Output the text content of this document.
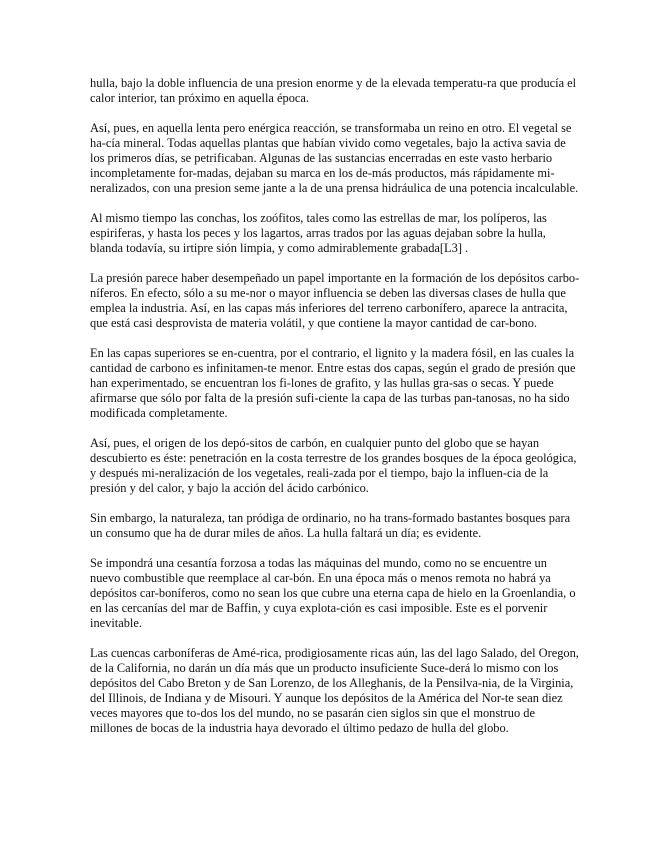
hulla, bajo la doble influencia de una presion enorme y de la elevada temperatu-ra que producía el calor interior, tan próximo en aquella época.

Así, pues, en aquella lenta pero enérgica reacción, se transformaba un reino en otro. El vegetal se ha-cía mineral. Todas aquellas plantas que habían vivido como vegetales, bajo la activa savia de los primeros días, se petrificaban. Algunas de las sustancias encerradas en este vasto herbario incompletamente for-madas, dejaban su marca en los de-más productos, más rápidamente mi-neralizados, con una presion seme jante a la de una prensa hidráulica de una potencia incalculable.

Al mismo tiempo las conchas, los zoófitos, tales como las estrellas de mar, los políperos, las espiriferas, y hasta los peces y los lagartos, arras trados por las aguas dejaban sobre la hulla, blanda todavía, su irtipre sión limpia, y como admirablemente grabada[L3] .

La presión parece haber desempeñado un papel importante en la formación de los depósitos carbo-níferos. En efecto, sólo a su me-nor o mayor influencia se deben las diversas clases de hulla que emplea la industria. Así, en las capas más inferiores del terreno carbonífero, aparece la antracita, que está casi desprovista de materia volátil, y que contiene la mayor cantidad de car-bono.

En las capas superiores se en-cuentra, por el contrario, el lignito y la madera fósil, en las cuales la cantidad de carbono es infinitamen-te menor. Entre estas dos capas, según el grado de presión que han experimentado, se encuentran los fi-lones de grafito, y las hullas gra-sas o secas. Y puede afirmarse que sólo por falta de la presión sufi-ciente la capa de las turbas pan-tanosas, no ha sido modificada completamente.

Así, pues, el origen de los depó-sitos de carbón, en cualquier punto del globo que se hayan descubierto es éste: penetración en la costa terrestre de los grandes bosques de la época geológica, y después mi-neralización de los vegetales, reali-zada por el tiempo, bajo la influen-cia de la presión y del calor, y bajo la acción del ácido carbónico.

Sin embargo, la naturaleza, tan pródiga de ordinario, no ha trans-formado bastantes bosques para un consumo que ha de durar miles de años. La hulla faltará un día; es evidente.

Se impondrá una cesantía forzosa a todas las máquinas del mundo, como no se encuentre un nuevo combustible que reemplace al car-bón. En una época más o menos remota no habrá ya depósitos car-boníferos, como no sean los que cubre una eterna capa de hielo en la Groenlandia, o en las cercanías del mar de Baffin, y cuya explota-ción es casi imposible. Este es el porvenir inevitable.

Las cuencas carboníferas de Amé-rica, prodigiosamente ricas aún, las del lago Salado, del Oregon, de la California, no darán un día más que un producto insuficiente Suce-derá lo mismo con los depósitos del Cabo Breton y de San Lorenzo, de los Alleghanis, de la Pensilva-nia, de la Virginia, del Illinois, de Indiana y de Misouri. Y aunque los depósitos de la América del Nor-te sean diez veces mayores que to-dos los del mundo, no se pasarán cien siglos sin que el monstruo de millones de bocas de la industria haya devorado el último pedazo de hulla del globo.
